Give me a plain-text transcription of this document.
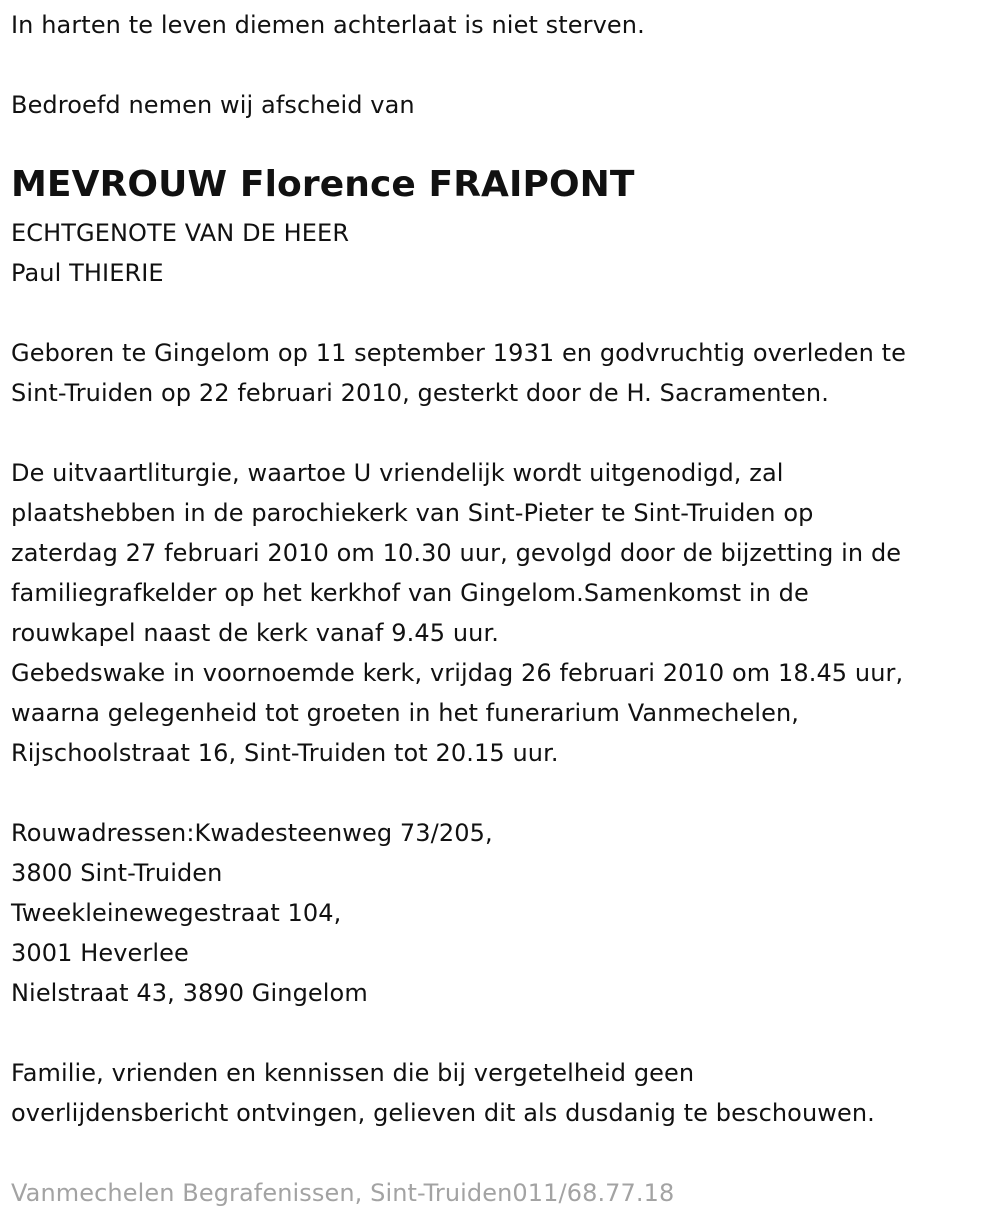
In harten te leven diemen achterlaat is niet sterven.
Bedroefd nemen wij afscheid van
MEVROUW Florence FRAIPONT
ECHTGENOTE VAN DE HEER
Paul THIERIE
Geboren te Gingelom op 11 september 1931 en godvruchtig overleden te
Sint-Truiden op 22 februari 2010, gesterkt door de H. Sacramenten.
De uitvaartliturgie, waartoe U vriendelijk wordt uitgenodigd, zal
plaatshebben in de parochiekerk van Sint-Pieter te Sint-Truiden op
zaterdag 27 februari 2010 om 10.30 uur, gevolgd door de bijzetting in de
familiegrafkelder op het kerkhof van Gingelom.Samenkomst in de
rouwkapel naast de kerk vanaf 9.45 uur.
Gebedswake in voornoemde kerk, vrijdag 26 februari 2010 om 18.45 uur,
waarna gelegenheid tot groeten in het funerarium Vanmechelen,
Rijschoolstraat 16, Sint-Truiden tot 20.15 uur.
Rouwadressen:Kwadesteenweg 73/205,
3800 Sint-Truiden
Tweekleinewegestraat 104,
3001 Heverlee
Nielstraat 43, 3890 Gingelom
Familie, vrienden en kennissen die bij vergetelheid geen
overlijdensbericht ontvingen, gelieven dit als dusdanig te beschouwen.
Vanmechelen Begrafenissen, Sint-Truiden011/68.77.18
